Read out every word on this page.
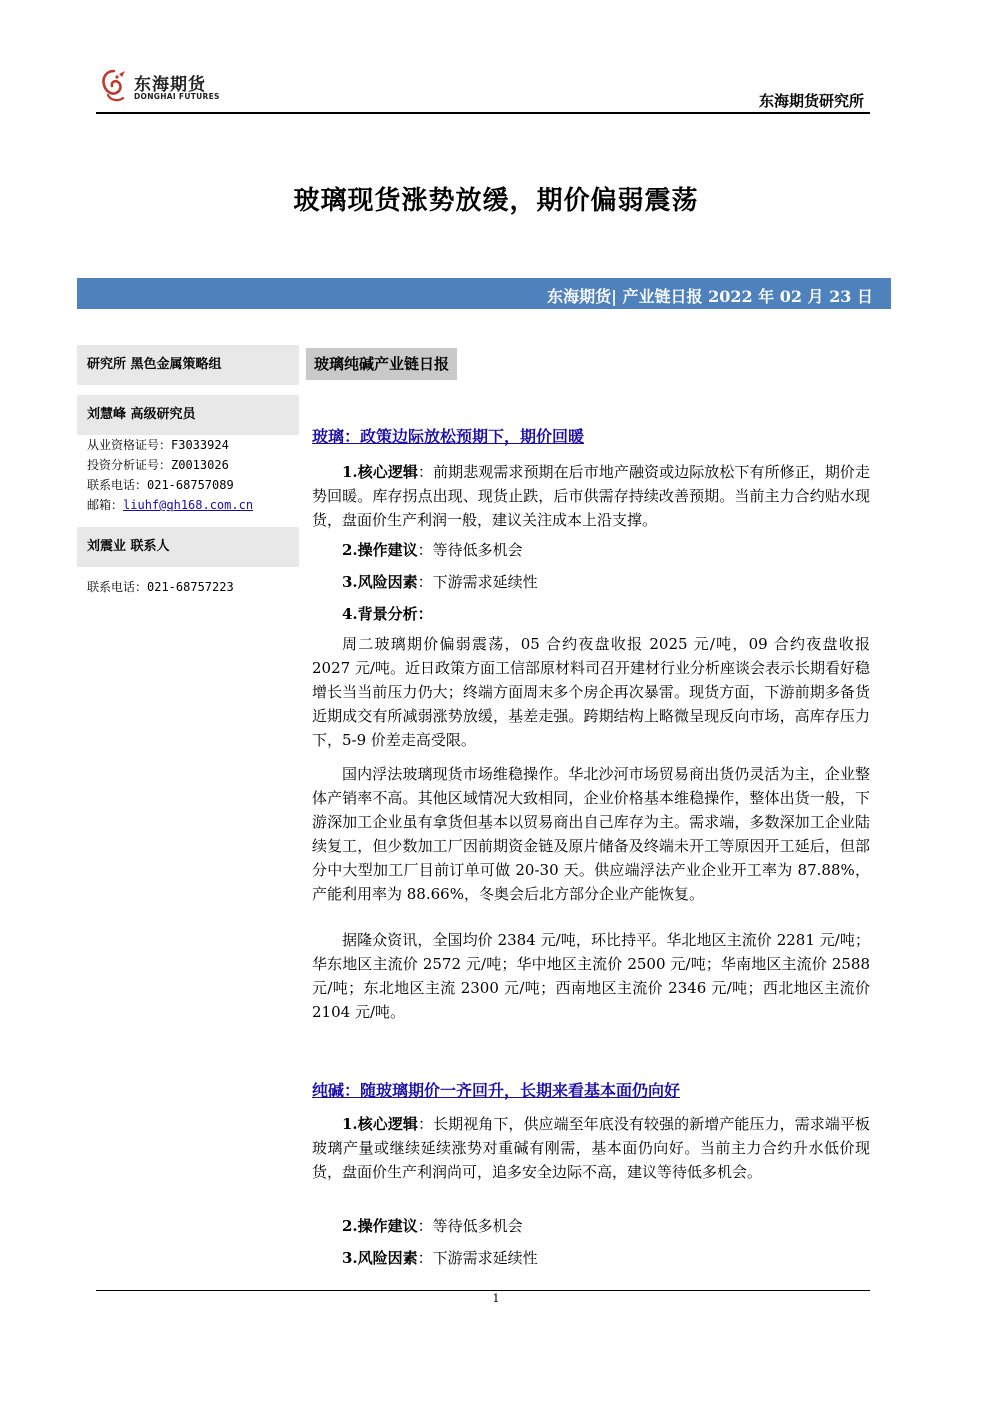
东海期货
DONGHAI FUTURES	东海期货研究所
玻璃现货涨势放缓，期价偏弱震荡
东海期货| 产业链日报 2022 年 02 月 23 日
研究所 黑色金属策略组
刘慧峰 高级研究员
从业资格证号：F3033924
投资分析证号：Z0013026
联系电话：021-68757089
邮箱：liuhf@qh168.com.cn
刘震业 联系人
联系电话：021-68757223
玻璃纯碱产业链日报
玻璃：政策边际放松预期下，期价回暖

1.核心逻辑：前期悲观需求预期在后市地产融资或边际放松下有所修正，期价走势回暖。库存拐点出现、现货止跌，后市供需存持续改善预期。当前主力合约贴水现货，盘面价生产利润一般，建议关注成本上沿支撑。

2.操作建议：等待低多机会
3.风险因素：下游需求延续性
4.背景分析：

周二玻璃期价偏弱震荡，05 合约夜盘收报 2025 元/吨，09 合约夜盘收报 2027 元/吨。近日政策方面工信部原材料司召开建材行业分析座谈会表示长期看好稳增长当当前压力仍大；终端方面周末多个房企再次暴雷。现货方面，下游前期多备货近期成交有所减弱涨势放缓，基差走强。跨期结构上略微呈现反向市场，高库存压力下，5-9 价差走高受限。

国内浮法玻璃现货市场维稳操作。华北沙河市场贸易商出货仍灵活为主，企业整体产销率不高。其他区域情况大致相同，企业价格基本维稳操作，整体出货一般，下游深加工企业虽有拿货但基本以贸易商出自己库存为主。需求端，多数深加工企业陆续复工，但少数加工厂因前期资金链及原片储备及终端未开工等原因开工延后，但部分中大型加工厂目前订单可做 20-30 天。供应端浮法产业企业开工率为 87.88%，产能利用率为 88.66%，冬奥会后北方部分企业产能恢复。

据隆众资讯，全国均价 2384 元/吨，环比持平。华北地区主流价 2281 元/吨；华东地区主流价 2572 元/吨；华中地区主流价 2500 元/吨；华南地区主流价 2588 元/吨；东北地区主流 2300 元/吨；西南地区主流价 2346 元/吨；西北地区主流价 2104 元/吨。

纯碱：随玻璃期价一齐回升，长期来看基本面仍向好

1.核心逻辑：长期视角下，供应端至年底没有较强的新增产能压力，需求端平板玻璃产量或继续延续涨势对重碱有刚需，基本面仍向好。当前主力合约升水低价现货，盘面价生产利润尚可，追多安全边际不高，建议等待低多机会。

2.操作建议：等待低多机会
3.风险因素：下游需求延续性
1
